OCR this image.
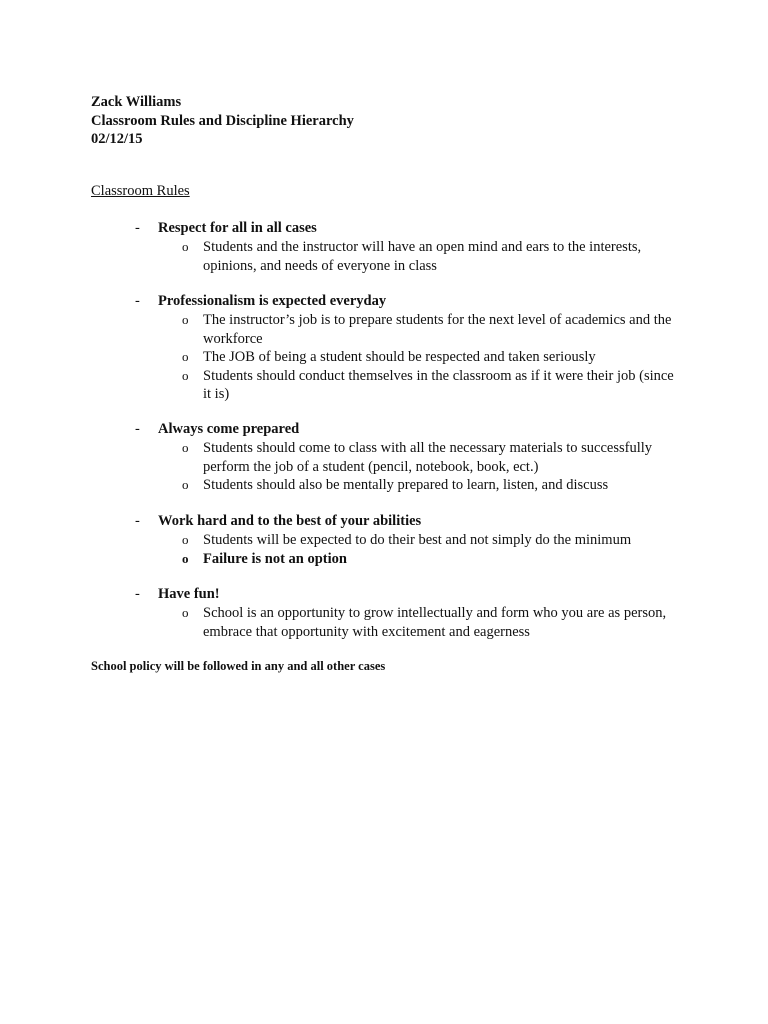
Zack Williams
Classroom Rules and Discipline Hierarchy
02/12/15
Classroom Rules
- Respect for all in all cases
o Students and the instructor will have an open mind and ears to the interests, opinions, and needs of everyone in class
- Professionalism is expected everyday
o The instructor’s job is to prepare students for the next level of academics and the workforce
o The JOB of being a student should be respected and taken seriously
o Students should conduct themselves in the classroom as if it were their job (since it is)
- Always come prepared
o Students should come to class with all the necessary materials to successfully perform the job of a student (pencil, notebook, book, ect.)
o Students should also be mentally prepared to learn, listen, and discuss
- Work hard and to the best of your abilities
o Students will be expected to do their best and not simply do the minimum
o Failure is not an option
- Have fun!
o School is an opportunity to grow intellectually and form who you are as person, embrace that opportunity with excitement and eagerness
School policy will be followed in any and all other cases
